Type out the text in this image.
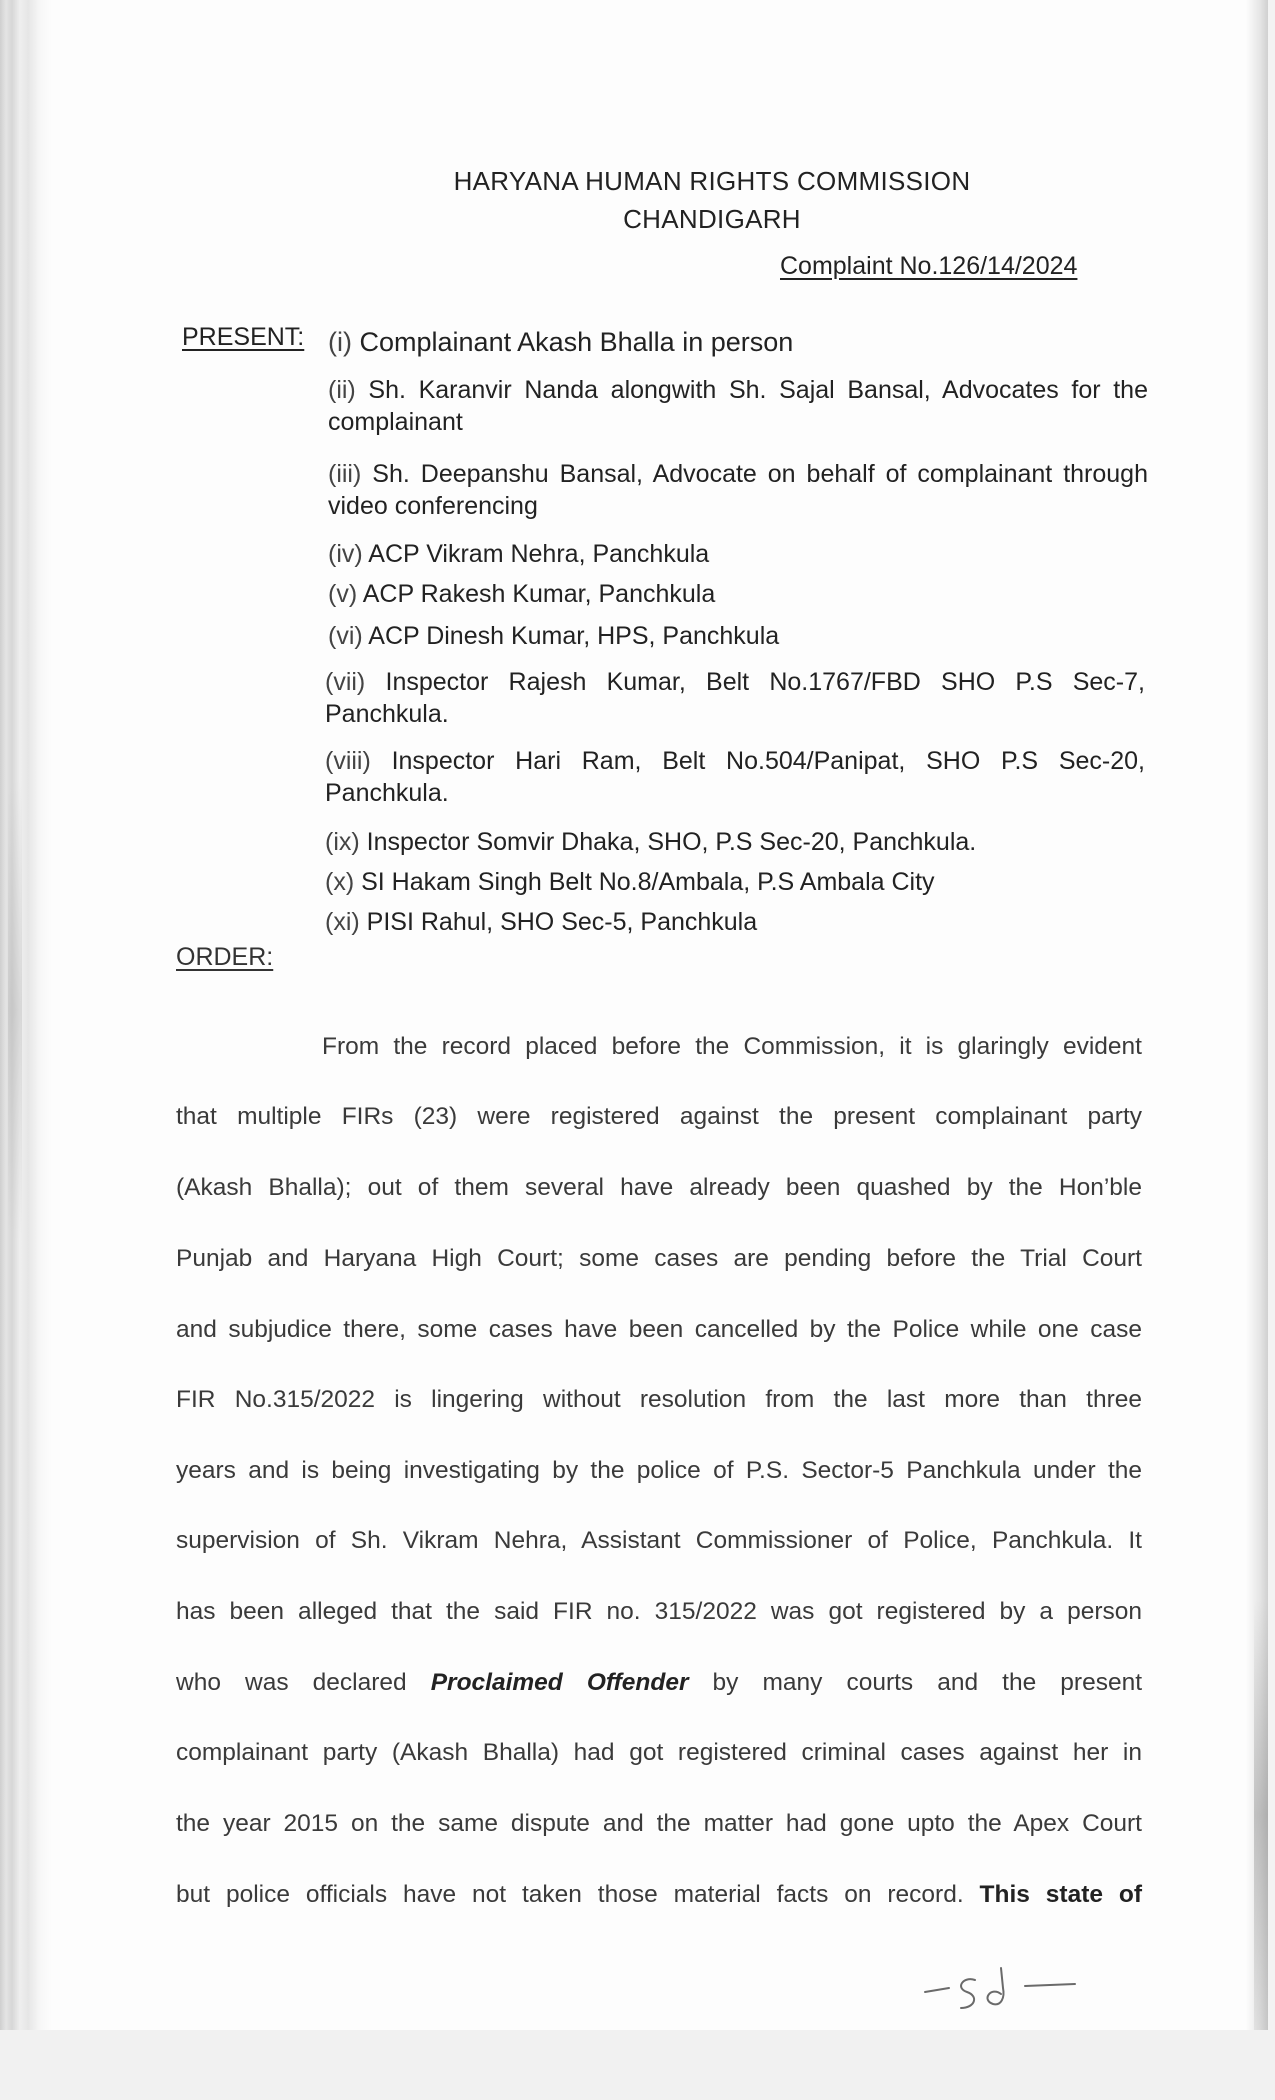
HARYANA HUMAN RIGHTS COMMISSION
CHANDIGARH
Complaint No.126/14/2024
PRESENT: (i) Complainant Akash Bhalla in person
(ii) Sh. Karanvir Nanda alongwith Sh. Sajal Bansal, Advocates for the complainant
(iii) Sh. Deepanshu Bansal, Advocate on behalf of complainant through video conferencing
(iv) ACP Vikram Nehra, Panchkula
(v) ACP Rakesh Kumar, Panchkula
(vi) ACP Dinesh Kumar, HPS, Panchkula
(vii) Inspector Rajesh Kumar, Belt No.1767/FBD SHO P.S Sec-7, Panchkula.
(viii) Inspector Hari Ram, Belt No.504/Panipat, SHO P.S Sec-20, Panchkula.
(ix) Inspector Somvir Dhaka, SHO, P.S Sec-20, Panchkula.
(x) SI Hakam Singh Belt No.8/Ambala, P.S Ambala City
(xi) PISI Rahul, SHO Sec-5, Panchkula
ORDER:
From the record placed before the Commission, it is glaringly evident
that multiple FIRs (23) were registered against the present complainant party
(Akash Bhalla); out of them several have already been quashed by the Hon’ble
Punjab and Haryana High Court; some cases are pending before the Trial Court
and subjudice there, some cases have been cancelled by the Police while one case
FIR No.315/2022 is lingering without resolution from the last more than three
years and is being investigating by the police of P.S. Sector-5 Panchkula under the
supervision of Sh. Vikram Nehra, Assistant Commissioner of Police, Panchkula. It
has been alleged that the said FIR no. 315/2022 was got registered by a person
who was declared Proclaimed Offender by many courts and the present
complainant party (Akash Bhalla) had got registered criminal cases against her in
the year 2015 on the same dispute and the matter had gone upto the Apex Court
but police officials have not taken those material facts on record. This state of
